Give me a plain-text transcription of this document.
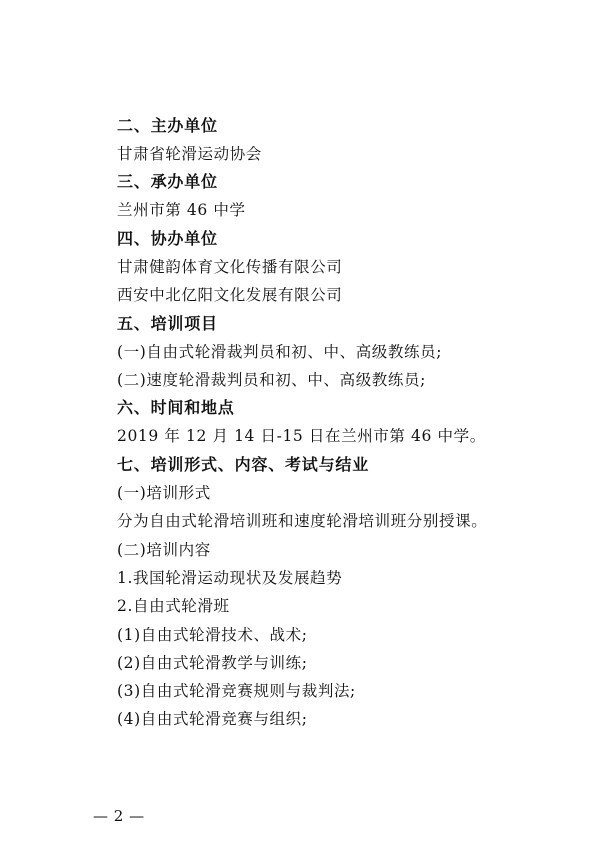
二、主办单位
甘肃省轮滑运动协会
三、承办单位
兰州市第 46 中学
四、协办单位
甘肃健韵体育文化传播有限公司
西安中北亿阳文化发展有限公司
五、培训项目
(一)自由式轮滑裁判员和初、中、高级教练员;
(二)速度轮滑裁判员和初、中、高级教练员;
六、时间和地点
2019 年 12 月 14 日-15 日在兰州市第 46 中学。
七、培训形式、内容、考试与结业
(一)培训形式
分为自由式轮滑培训班和速度轮滑培训班分别授课。
(二)培训内容
1.我国轮滑运动现状及发展趋势
2.自由式轮滑班
(1)自由式轮滑技术、战术;
(2)自由式轮滑教学与训练;
(3)自由式轮滑竞赛规则与裁判法;
(4)自由式轮滑竞赛与组织;
— 2 —
